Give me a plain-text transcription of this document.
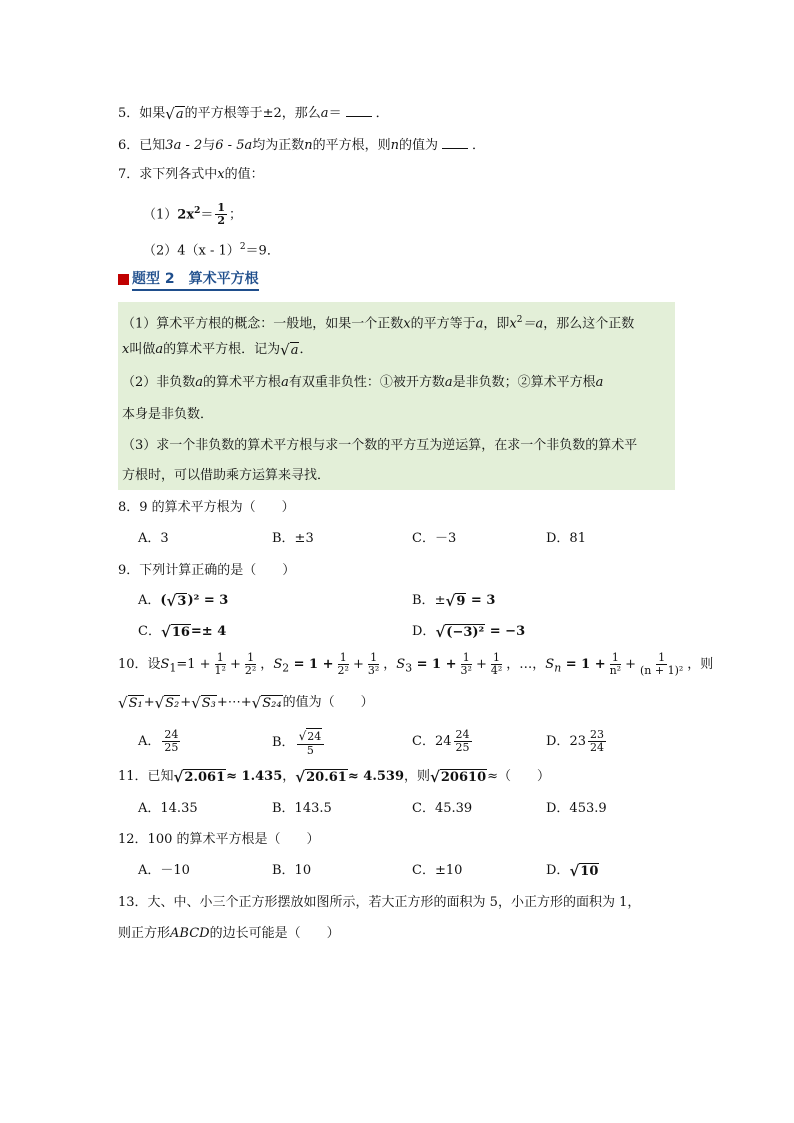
5．如果 √ a 的平方根等于±2，那么a＝	．
6．已知3a - 2与6 - 5a均为正数n的平方根，则n的值为	．
7．求下列各式中x的值：
$(1)2x^2= \frac{1}{2}$ ；
（2）4（x - 1）$^2$＝9．
题型 2　算术平方根
（1）算术平方根的概念：一般地，如果一个正数x的平方等于a，即$x^2=a$，那么这个正数
x叫做a的算术平方根．记为 √ a ．
（2）非负数a的算术平方根a有双重非负性：①被开方数a是非负数；②算术平方根a
本身是非负数．
（3）求一个非负数的算术平方根与求一个数的平方互为逆运算，在求一个非负数的算术平
方根时，可以借助乘方运算来寻找．
8．9 的算术平方根为（　　）
A．3	B．±3	C．－3	D．81
9．下列计算正确的是（　　）
A．( √ 3 )² = 3	B．± √ 9 = 3
C． √ 16 =± 4	D． √ (−3)² = −3
10．设$S_1=1 + \frac{1}{\text{1²}} + \frac{1}{\text{2²}}$ ，$S_2 = 1 + \frac{1}{\text{2²}} + \frac{1}{\text{3²}}$ ，$S_3 = 1 + \frac{1}{\text{3²}} + \frac{1}{\text{4²}}$ ，…，$S_n = 1 + \frac{1}{\text{n²}} + \frac{1}{\text{(n + 1)²}}$ ，则
√ S₁ + √ S₂ + √ S₃ +⋯+ √ S₂₄ 的值为（　　）
A． $\frac{24}{25}$	B． $\frac{√ 24}{5}$	C．$24 \frac{24}{25}$	D．$23 \frac{23}{24}$
11．已知 √ 2.061 ≈ 1.435， √ 20.61 ≈ 4.539，则 √ 20610 ≈（　　）
A．14.35	B．143.5	C．45.39	D．453.9
12．100 的算术平方根是（　　）
A．－10	B．10	C．±10	D． √ 10
13．大、中、小三个正方形摆放如图所示，若大正方形的面积为 5，小正方形的面积为 1，
则正方形ABCD的边长可能是（　　）
